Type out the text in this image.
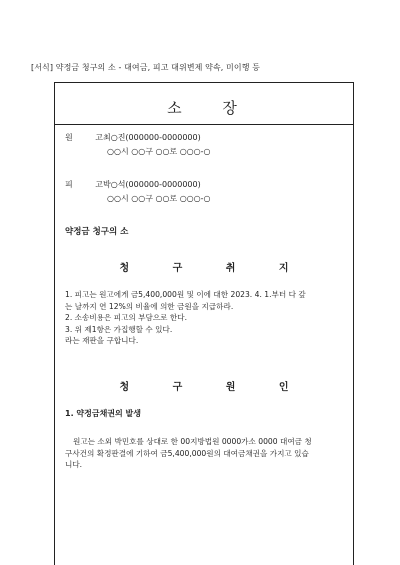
[서식] 약정금 청구의 소 - 대여금, 피고 대위변제 약속, 미이행 등
소 장
원 고최○진(000000-0000000)
○○시 ○○구 ○○로 ○○○-○
피 고박○석(000000-0000000)
○○시 ○○구 ○○로 ○○○-○
약정금 청구의 소
청 구 취 지
1. 피고는 원고에게 금5,400,000원 및 이에 대한 2023. 4. 1.부터 다 갚
는 날까지 연 12%의 비율에 의한 금원을 지급하라.
2. 소송비용은 피고의 부담으로 한다.
3. 위 제1항은 가집행할 수 있다.
라는 재판을 구합니다.
청 구 원 인
1. 약정금채권의 발생
원고는 소외 박민호를 상대로 한 00지방법원 0000가소 0000 대여금 청
구사건의 확정판결에 기하여 금5,400,000원의 대여금채권을 가지고 있습
니다.
